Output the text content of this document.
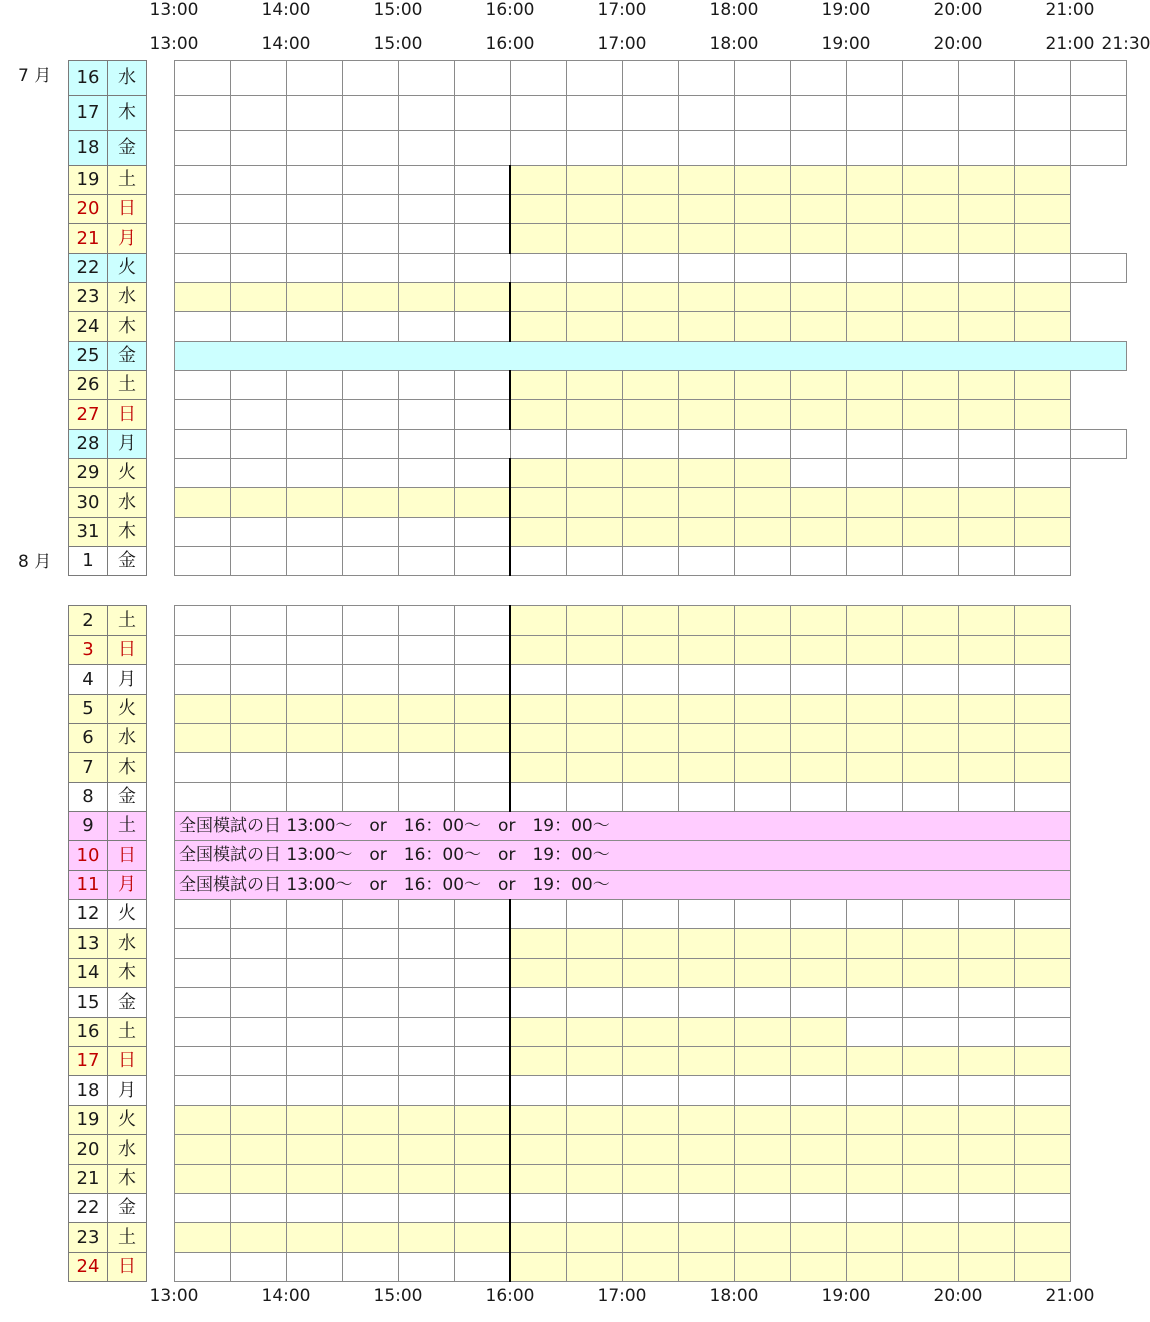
13:00	14:00	15:00	16:00	17:00	18:00	19:00	20:00	21:00 21:30
13:00	14:00	15:00	16:00	17:00	18:00	19:00	20:00	21:00
7 月
8 月
16	水
17	木
18	金
19	土
20	日
21	月
22	火
23	水
24	木
25	金
26	土
27	日
28	月
29	火
30	水
31	木
1	金
13:00	14:00	15:00	16:00	17:00	18:00	19:00	20:00	21:00
2	土
3	日
4	月
5	火
6	水
7	木
8	金
9	土	全国模試の日 13:00～　or　16：00～　or　19：00～
10	日	全国模試の日 13:00～　or　16：00～　or　19：00～
11	月	全国模試の日 13:00～　or　16：00～　or　19：00～
12	火
13	水
14	木
15	金
16	土
17	日
18	月
19	火
20	水
21	木
22	金
23	土
24	日
